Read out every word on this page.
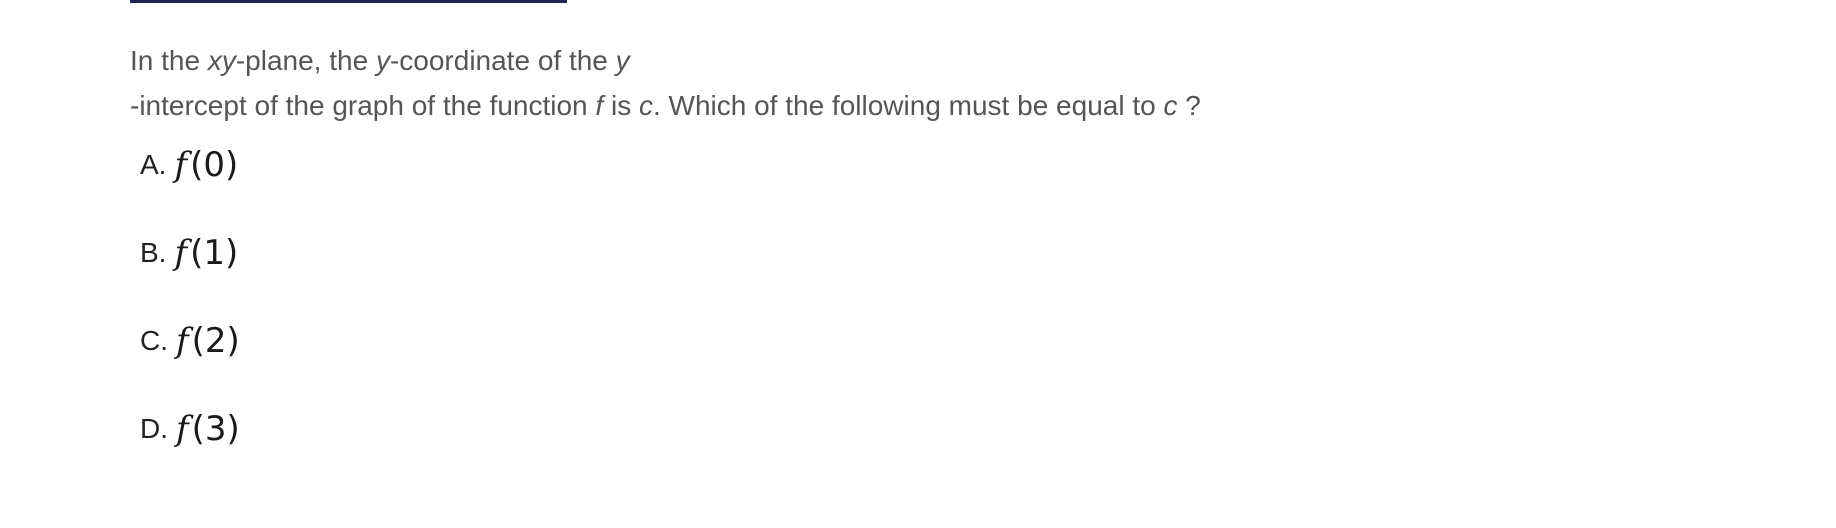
In the xy-plane, the y-coordinate of the y
-intercept of the graph of the function f is c. Which of the following must be equal to c ?
A. f(0)
B. f(1)
C. f(2)
D. f(3)
